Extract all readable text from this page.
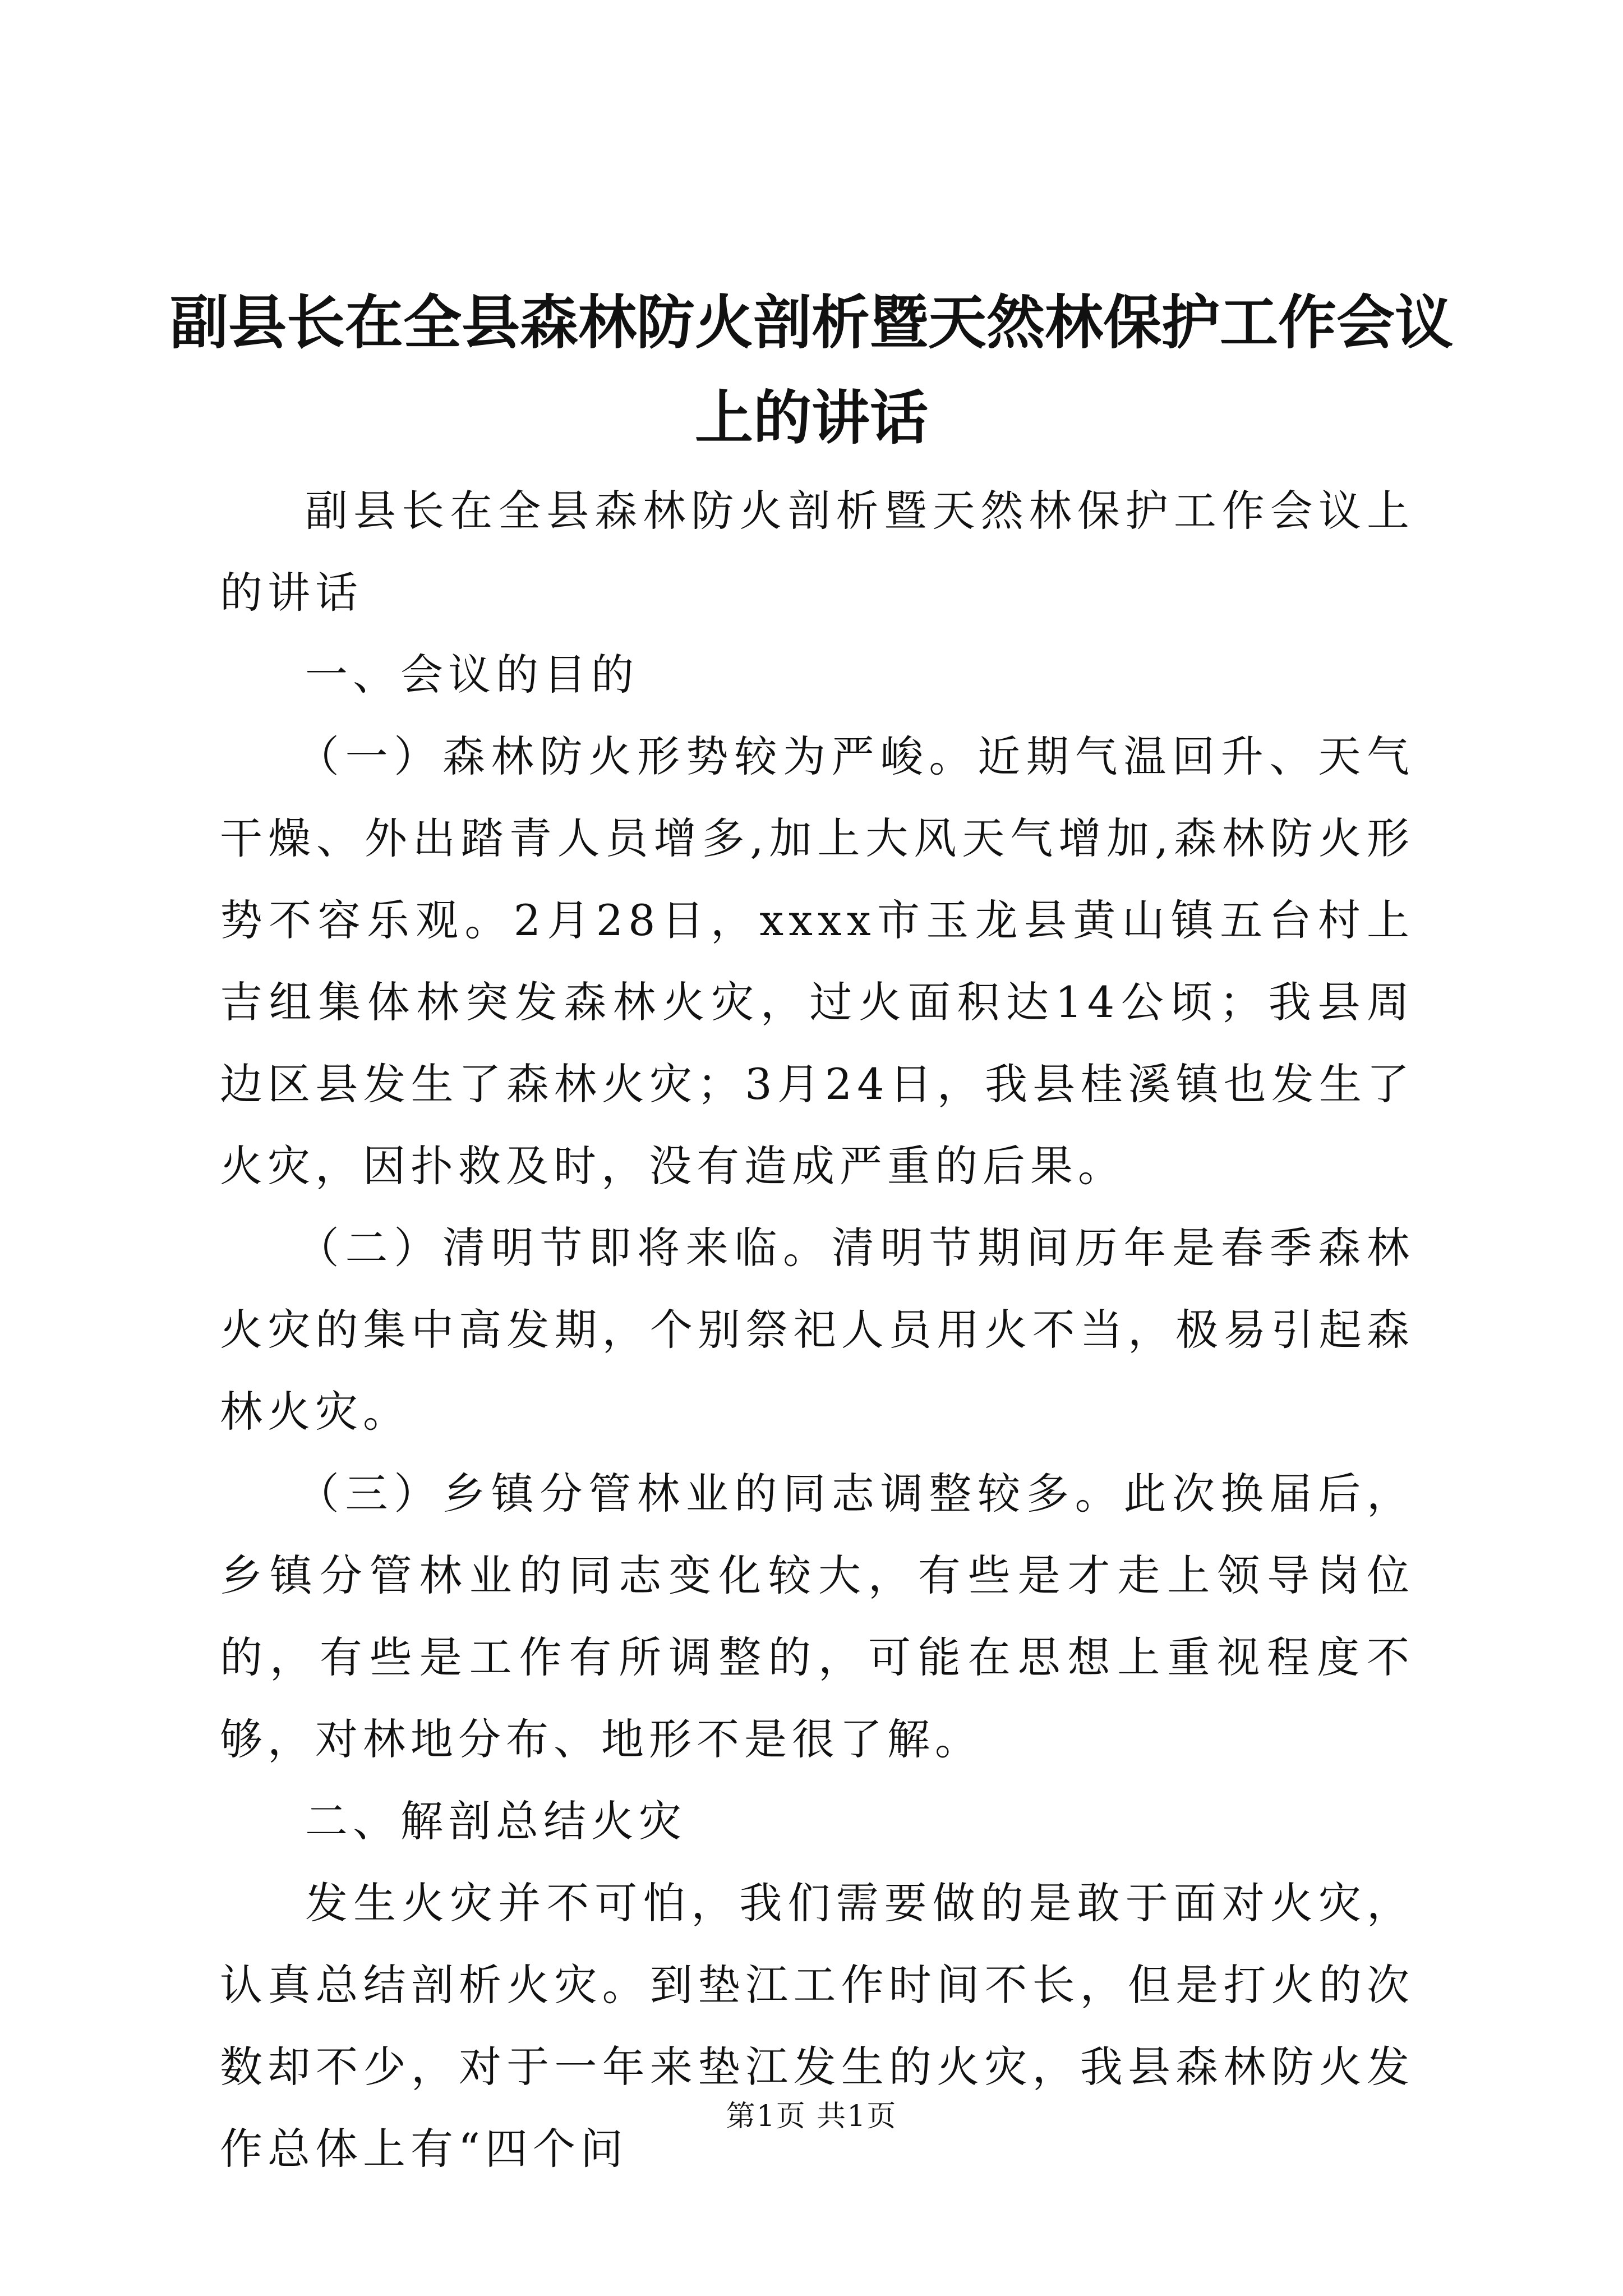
副县长在全县森林防火剖析暨天然林保护工作会议上的讲话

副县长在全县森林防火剖析暨天然林保护工作会议上的讲话

一、会议的目的

（一）森林防火形势较为严峻。近期气温回升、天气干燥、外出踏青人员增多,加上大风天气增加,森林防火形势不容乐观。2月28日，xxxx市玉龙县黄山镇五台村上吉组集体林突发森林火灾，过火面积达14公顷；我县周边区县发生了森林火灾；3月24日，我县桂溪镇也发生了火灾，因扑救及时，没有造成严重的后果。

（二）清明节即将来临。清明节期间历年是春季森林火灾的集中高发期，个别祭祀人员用火不当，极易引起森林火灾。

（三）乡镇分管林业的同志调整较多。此次换届后，乡镇分管林业的同志变化较大，有些是才走上领导岗位的，有些是工作有所调整的，可能在思想上重视程度不够，对林地分布、地形不是很了解。

二、解剖总结火灾

发生火灾并不可怕，我们需要做的是敢于面对火灾，认真总结剖析火灾。到垫江工作时间不长，但是打火的次数却不少，对于一年来垫江发生的火灾，我县森林防火发作总体上有“四个问

第1页 共1页
